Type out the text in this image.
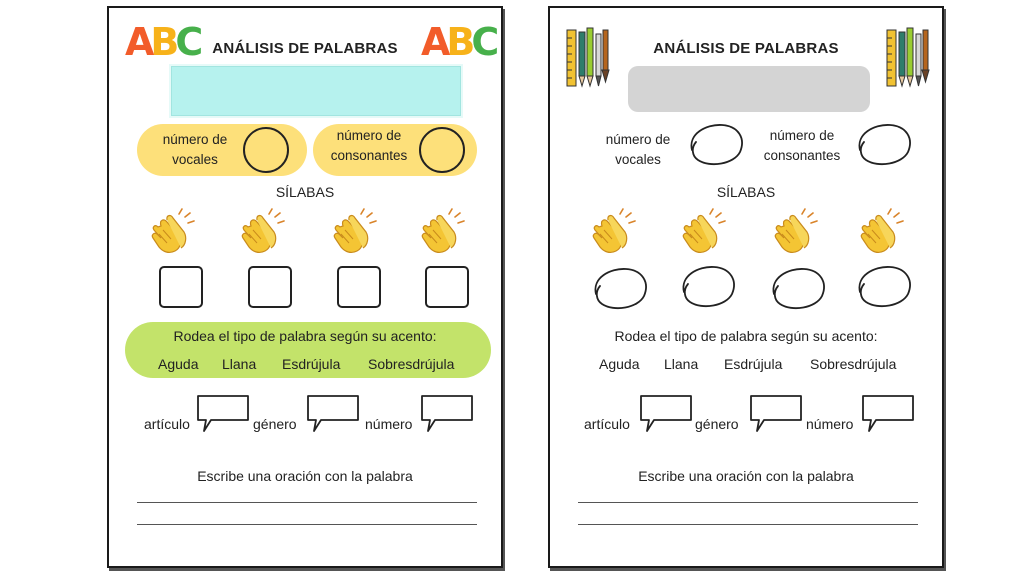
ABC	ABC
ANÁLISIS DE PALABRAS
número de
vocales
número de
consonantes
SÍLABAS
Rodea el tipo de palabra según su acento:
Aguda Llana Esdrújula Sobresdrújula
artículo	género	número
Escribe una oración con la palabra
ANÁLISIS DE PALABRAS
número de
vocales
número de
consonantes
SÍLABAS
Rodea el tipo de palabra según su acento:
Aguda Llana Esdrújula Sobresdrújula
artículo	género	número
Escribe una oración con la palabra
